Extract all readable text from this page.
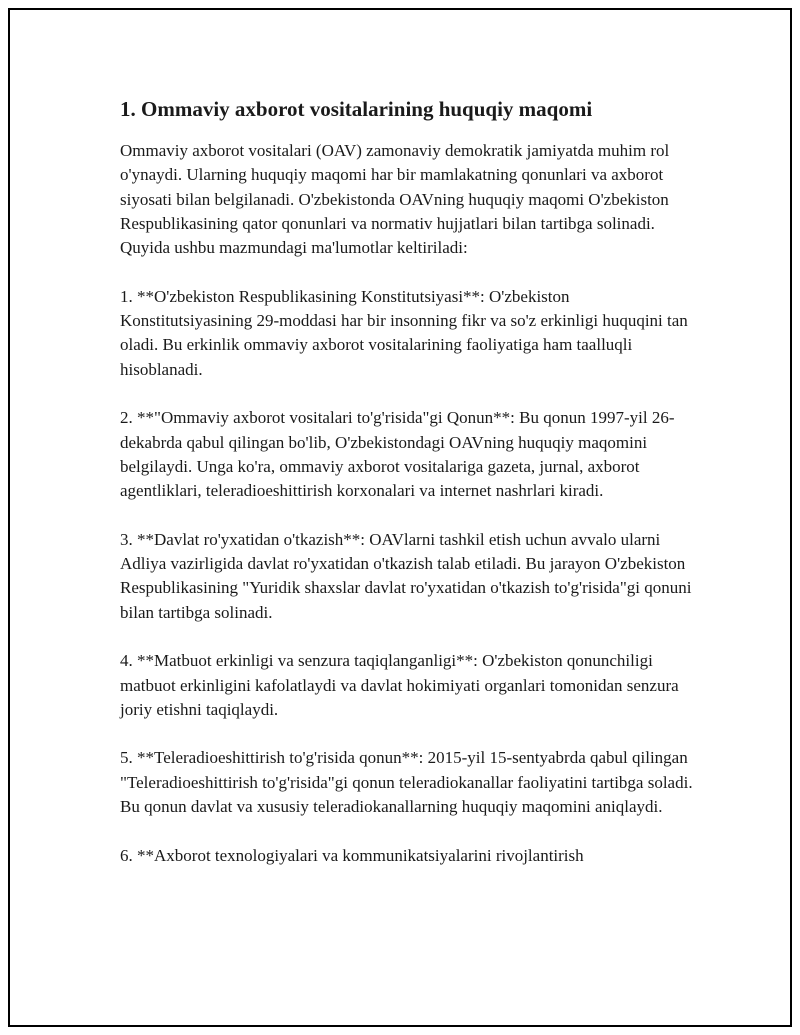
1. Ommaviy axborot vositalarining huquqiy maqomi

Ommaviy axborot vositalari (OAV) zamonaviy demokratik jamiyatda muhim rol o'ynaydi. Ularning huquqiy maqomi har bir mamlakatning qonunlari va axborot siyosati bilan belgilanadi. O'zbekistonda OAVning huquqiy maqomi O'zbekiston Respublikasining qator qonunlari va normativ hujjatlari bilan tartibga solinadi. Quyida ushbu mazmundagi ma'lumotlar keltiriladi:

1. **O'zbekiston Respublikasining Konstitutsiyasi**: O'zbekiston Konstitutsiyasining 29-moddasi har bir insonning fikr va so'z erkinligi huquqini tan oladi. Bu erkinlik ommaviy axborot vositalarining faoliyatiga ham taalluqli hisoblanadi.

2. **"Ommaviy axborot vositalari to'g'risida"gi Qonun**: Bu qonun 1997-yil 26-dekabrda qabul qilingan bo'lib, O'zbekistondagi OAVning huquqiy maqomini belgilaydi. Unga ko'ra, ommaviy axborot vositalariga gazeta, jurnal, axborot agentliklari, teleradioeshittirish korxonalari va internet nashrlari kiradi.

3. **Davlat ro'yxatidan o'tkazish**: OAVlarni tashkil etish uchun avvalo ularni Adliya vazirligida davlat ro'yxatidan o'tkazish talab etiladi. Bu jarayon O'zbekiston Respublikasining "Yuridik shaxslar davlat ro'yxatidan o'tkazish to'g'risida"gi qonuni bilan tartibga solinadi.

4. **Matbuot erkinligi va senzura taqiqlanganligi**: O'zbekiston qonunchiligi matbuot erkinligini kafolatlaydi va davlat hokimiyati organlari tomonidan senzura joriy etishni taqiqlaydi.

5. **Teleradioeshittirish to'g'risida qonun**: 2015-yil 15-sentyabrda qabul qilingan "Teleradioeshittirish to'g'risida"gi qonun teleradiokanallar faoliyatini tartibga soladi. Bu qonun davlat va xususiy teleradiokanallarning huquqiy maqomini aniqlaydi.

6. **Axborot texnologiyalari va kommunikatsiyalarini rivojlantirish
